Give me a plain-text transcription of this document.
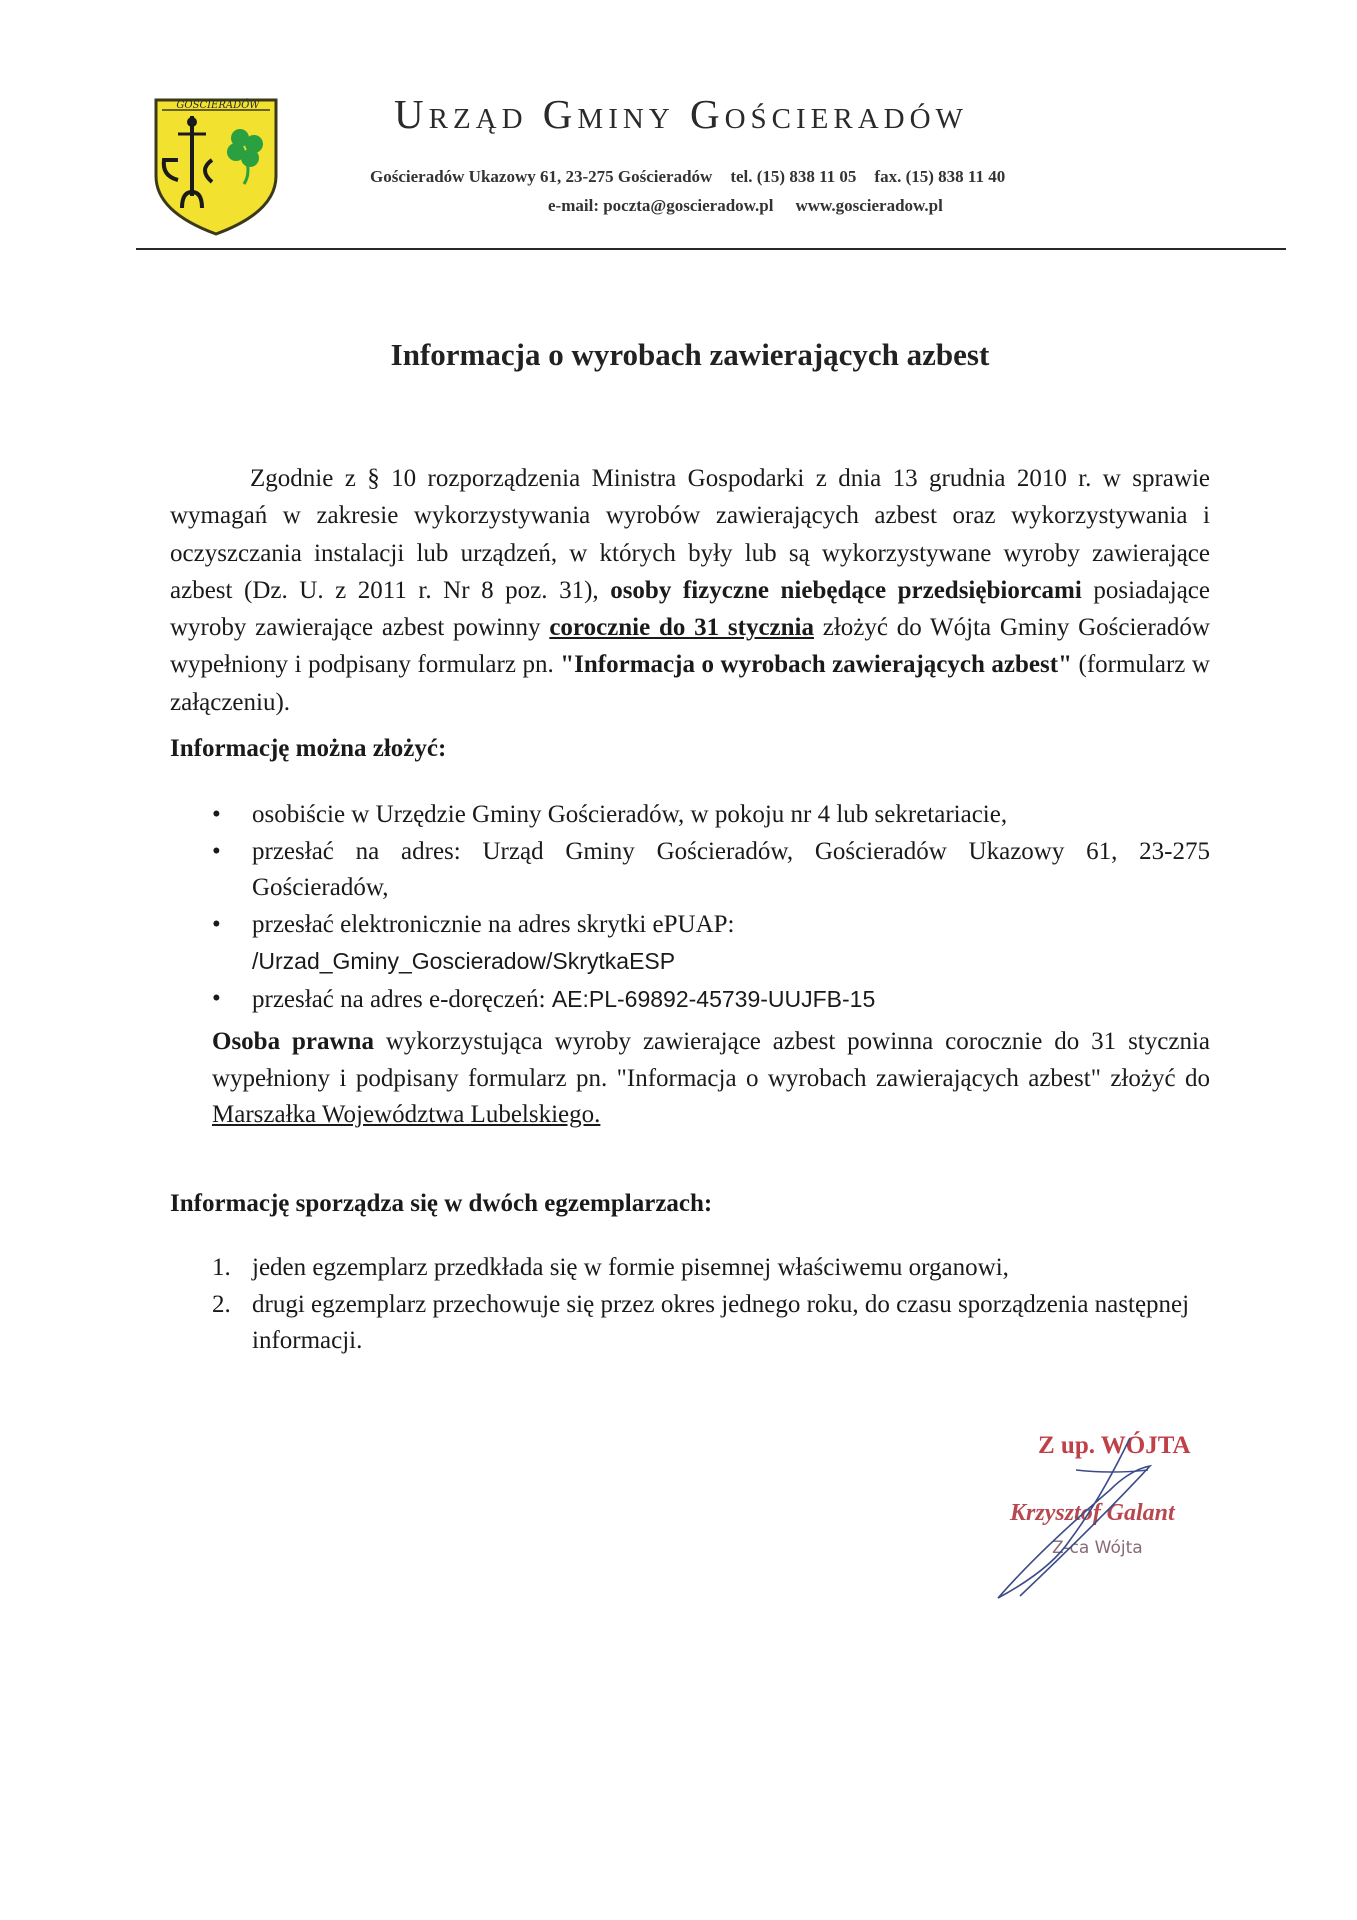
GOŚCIERADÓW	Urząd Gminy Gościeradów
Gościeradów Ukazowy 61, 23-275 Gościeradów tel. (15) 838 11 05 fax. (15) 838 11 40
e-mail: poczta@goscieradow.pl www.goscieradow.pl
Informacja o wyrobach zawierających azbest

Zgodnie z § 10 rozporządzenia Ministra Gospodarki z dnia 13 grudnia 2010 r. w sprawie wymagań w zakresie wykorzystywania wyrobów zawierających azbest oraz wykorzystywania i oczyszczania instalacji lub urządzeń, w których były lub są wykorzystywane wyroby zawierające azbest (Dz. U. z 2011 r. Nr 8 poz. 31), osoby fizyczne niebędące przedsiębiorcami posiadające wyroby zawierające azbest powinny corocznie do 31 stycznia złożyć do Wójta Gminy Gościeradów wypełniony i podpisany formularz pn. "Informacja o wyrobach zawierających azbest" (formularz w załączeniu).

Informację można złożyć:

• osobiście w Urzędzie Gminy Gościeradów, w pokoju nr 4 lub sekretariacie,
• przesłać na adres: Urząd Gminy Gościeradów, Gościeradów Ukazowy 61, 23-275 Gościeradów,
• przesłać elektronicznie na adres skrytki ePUAP:
/Urzad_Gminy_Goscieradow/SkrytkaESP
• przesłać na adres e-doręczeń: AE:PL-69892-45739-UUJFB-15

Osoba prawna wykorzystująca wyroby zawierające azbest powinna corocznie do 31 stycznia wypełniony i podpisany formularz pn. "Informacja o wyrobach zawierających azbest" złożyć do Marszałka Województwa Lubelskiego.

Informację sporządza się w dwóch egzemplarzach:

1. jeden egzemplarz przedkłada się w formie pisemnej właściwemu organowi,
2. drugi egzemplarz przechowuje się przez okres jednego roku, do czasu sporządzenia następnej informacji.
Z up. WÓJTA
Krzysztof Galant
Z-ca Wójta
